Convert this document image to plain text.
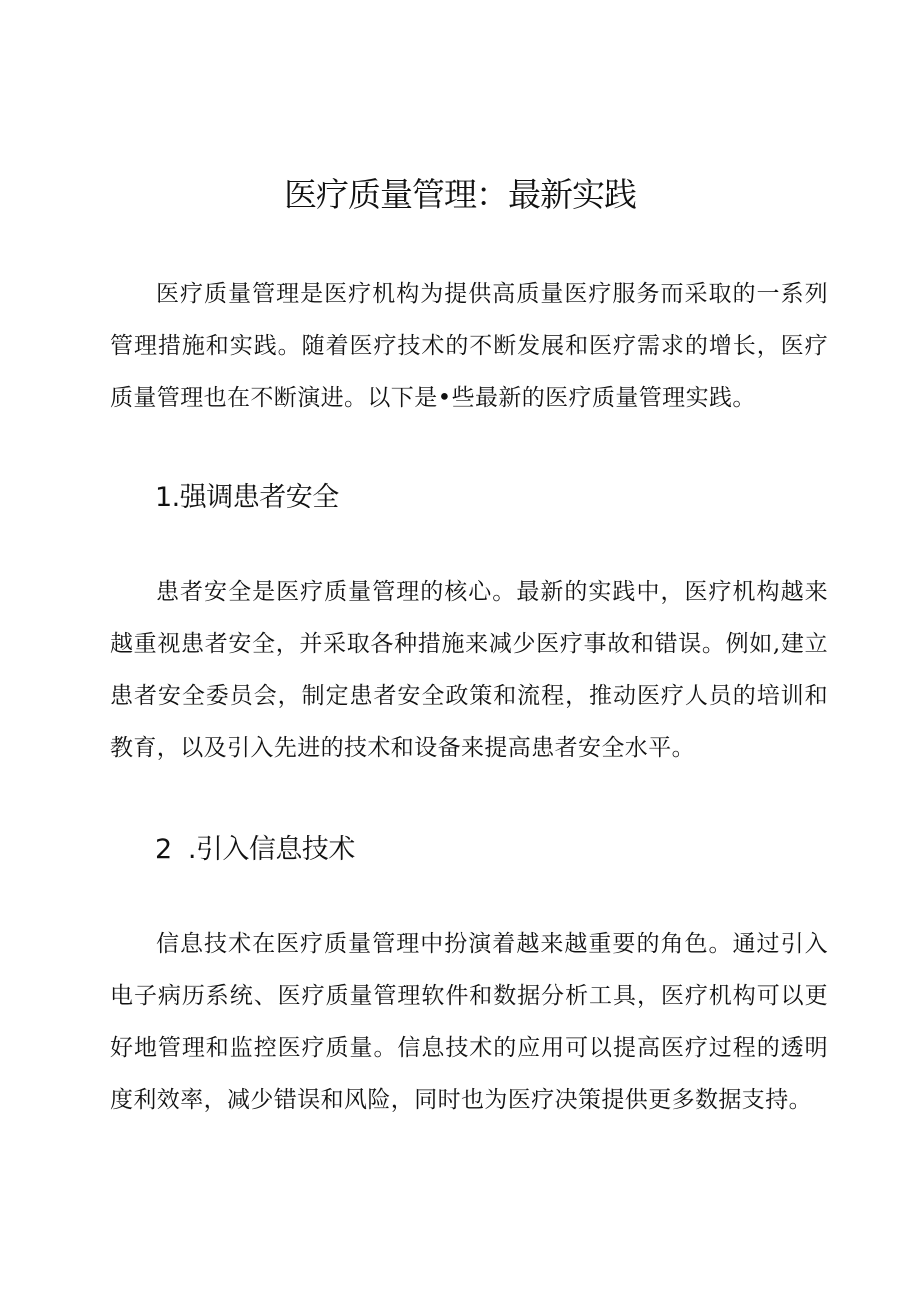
医疗质量管理：最新实践

医疗质量管理是医疗机构为提供高质量医疗服务而采取的一系列管理措施和实践。随着医疗技术的不断发展和医疗需求的增长，医疗质量管理也在不断演进。以下是•些最新的医疗质量管理实践。

1.强调患者安全

患者安全是医疗质量管理的核心。最新的实践中，医疗机构越来越重视患者安全，并采取各种措施来减少医疗事故和错误。例如,建立患者安全委员会，制定患者安全政策和流程，推动医疗人员的培训和教育，以及引入先进的技术和设备来提高患者安全水平。

2  .引入信息技术

信息技术在医疗质量管理中扮演着越来越重要的角色。通过引入电子病历系统、医疗质量管理软件和数据分析工具，医疗机构可以更好地管理和监控医疗质量。信息技术的应用可以提高医疗过程的透明度利效率，减少错误和风险，同时也为医疗决策提供更多数据支持。
